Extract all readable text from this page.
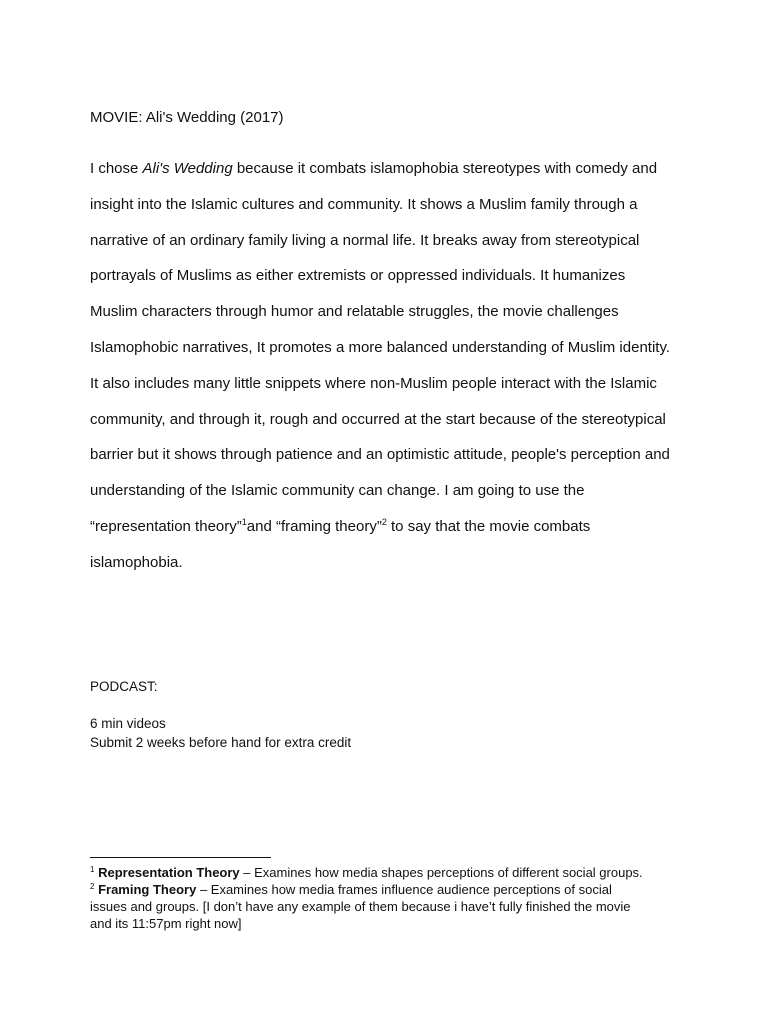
MOVIE: Ali's Wedding (2017)
I chose Ali's Wedding because it combats islamophobia stereotypes with comedy and
insight into the Islamic cultures and community. It shows a Muslim family through a
narrative of an ordinary family living a normal life. It breaks away from stereotypical
portrayals of Muslims as either extremists or oppressed individuals. It humanizes
Muslim characters through humor and relatable struggles, the movie challenges
Islamophobic narratives, It promotes a more balanced understanding of Muslim identity.
It also includes many little snippets where non-Muslim people interact with the Islamic
community, and through it, rough and occurred at the start because of the stereotypical
barrier but it shows through patience and an optimistic attitude, people's perception and
understanding of the Islamic community can change. I am going to use the
“representation theory”$^1$and “framing theory”$^2$ to say that the movie combats
islamophobia.
PODCAST:
6 min videos
Submit 2 weeks before hand for extra credit
$^1$ Representation Theory – Examines how media shapes perceptions of different social groups.
$^2$ Framing Theory – Examines how media frames influence audience perceptions of social
issues and groups. [I don’t have any example of them because i have’t fully finished the movie
and its 11:57pm right now]
